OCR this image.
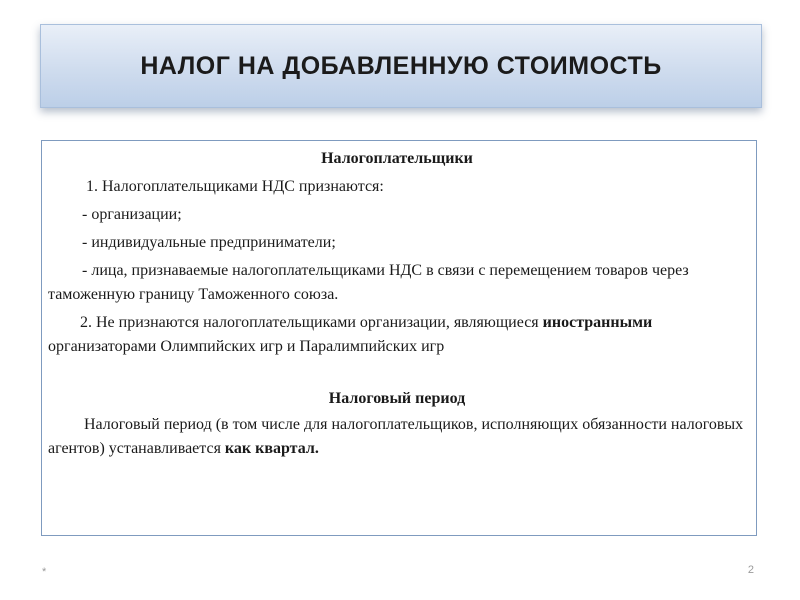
НАЛОГ НА ДОБАВЛЕННУЮ СТОИМОСТЬ

Налогоплательщики

1. Налогоплательщиками НДС признаются:

- организации;

- индивидуальные предприниматели;

- лица, признаваемые налогоплательщиками НДС в связи с перемещением товаров через таможенную границу Таможенного союза.

2. Не признаются налогоплательщиками организации, являющиеся иностранными организаторами Олимпийских игр и Паралимпийских игр

Налоговый период

Налоговый период (в том числе для налогоплательщиков, исполняющих обязанности налоговых агентов) устанавливается как квартал.

*	2
